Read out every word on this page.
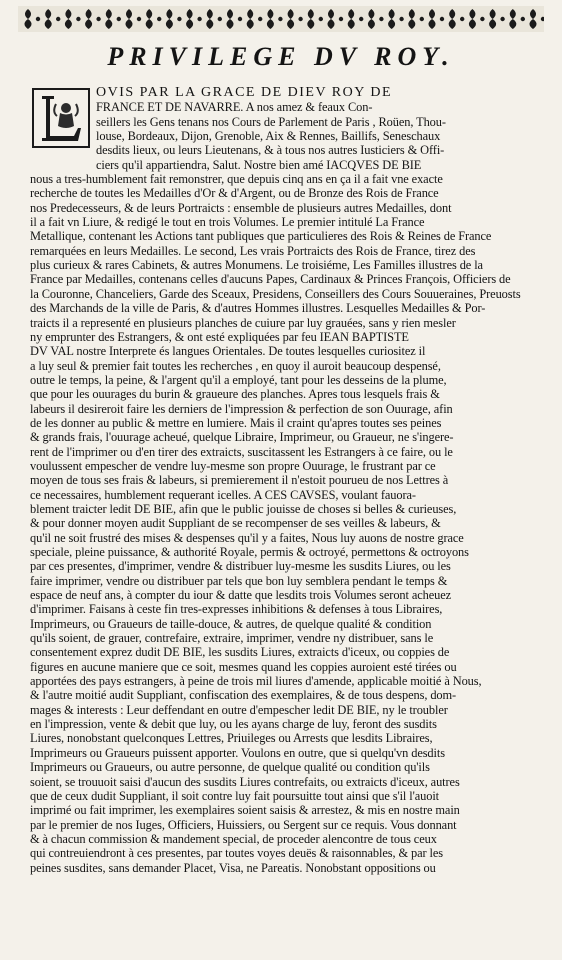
PRIVILEGE DV ROY.
OVIS PAR LA GRACE DE DIEV ROY DE
FRANCE ET DE NAVARRE. A nos amez & feaux Con-
seillers les Gens tenans nos Cours de Parlement de Paris , Roüen, Thou-
louse, Bordeaux, Dijon, Grenoble, Aix & Rennes, Baillifs, Seneschaux
desdits lieux, ou leurs Lieutenans, & à tous nos autres Iusticiers & Offi-
ciers qu'il appartiendra, Salut. Nostre bien amé IACQVES DE BIE
nous a tres-humblement fait remonstrer, que depuis cinq ans en ça il a fait vne exacte
recherche de toutes les Medailles d'Or & d'Argent, ou de Bronze des Rois de France
nos Predecesseurs, & de leurs Portraicts : ensemble de plusieurs autres Medailles, dont
il a fait vn Liure, & redigé le tout en trois Volumes. Le premier intitulé La France
Metallique, contenant les Actions tant publiques que particulieres des Rois & Reines de France
remarquées en leurs Medailles. Le second, Les vrais Portraicts des Rois de France, tirez des
plus curieux & rares Cabinets, & autres Monumens. Le troisiéme, Les Familles illustres de la
France par Medailles, contenans celles d'aucuns Papes, Cardinaux & Princes François, Officiers de
la Couronne, Chanceliers, Garde des Sceaux, Presidens, Conseillers des Cours Souueraines, Preuosts
des Marchands de la ville de Paris, & d'autres Hommes illustres. Lesquelles Medailles & Por-
traicts il a representé en plusieurs planches de cuiure par luy grauées, sans y rien mesler
ny emprunter des Estrangers, & ont esté expliquées par feu IEAN BAPTISTE
DV VAL nostre Interprete és langues Orientales. De toutes lesquelles curiositez il
a luy seul & premier fait toutes les recherches , en quoy il auroit beaucoup despensé,
outre le temps, la peine, & l'argent qu'il a employé, tant pour les desseins de la plume,
que pour les ouurages du burin & graueure des planches. Apres tous lesquels frais &
labeurs il desireroit faire les derniers de l'impression & perfection de son Ouurage, afin
de les donner au public & mettre en lumiere. Mais il craint qu'apres toutes ses peines
& grands frais, l'ouurage acheué, quelque Libraire, Imprimeur, ou Graueur, ne s'ingere-
rent de l'imprimer ou d'en tirer des extraicts, suscitassent les Estrangers à ce faire, ou le
voulussent empescher de vendre luy-mesme son propre Ouurage, le frustrant par ce
moyen de tous ses frais & labeurs, si premierement il n'estoit pourueu de nos Lettres à
ce necessaires, humblement requerant icelles. A CES CAVSES, voulant fauora-
blement traicter ledit DE BIE, afin que le public jouisse de choses si belles & curieuses,
& pour donner moyen audit Suppliant de se recompenser de ses veilles & labeurs, &
qu'il ne soit frustré des mises & despenses qu'il y a faites, Nous luy auons de nostre grace
speciale, pleine puissance, & authorité Royale, permis & octroyé, permettons & octroyons
par ces presentes, d'imprimer, vendre & distribuer luy-mesme les susdits Liures, ou les
faire imprimer, vendre ou distribuer par tels que bon luy semblera pendant le temps &
espace de neuf ans, à compter du iour & datte que lesdits trois Volumes seront acheuez
d'imprimer. Faisans à ceste fin tres-expresses inhibitions & defenses à tous Libraires,
Imprimeurs, ou Graueurs de taille-douce, & autres, de quelque qualité & condition
qu'ils soient, de grauer, contrefaire, extraire, imprimer, vendre ny distribuer, sans le
consentement exprez dudit DE BIE, les susdits Liures, extraicts d'iceux, ou coppies de
figures en aucune maniere que ce soit, mesmes quand les coppies auroient esté tirées ou
apportées des pays estrangers, à peine de trois mil liures d'amende, applicable moitié à Nous,
& l'autre moitié audit Suppliant, confiscation des exemplaires, & de tous despens, dom-
mages & interests : Leur deffendant en outre d'empescher ledit DE BIE, ny le troubler
en l'impression, vente & debit que luy, ou les ayans charge de luy, feront des susdits
Liures, nonobstant quelconques Lettres, Priuileges ou Arrests que lesdits Libraires,
Imprimeurs ou Graueurs puissent apporter. Voulons en outre, que si quelqu'vn desdits
Imprimeurs ou Graueurs, ou autre personne, de quelque qualité ou condition qu'ils
soient, se trouuoit saisi d'aucun des susdits Liures contrefaits, ou extraicts d'iceux, autres
que de ceux dudit Suppliant, il soit contre luy fait poursuitte tout ainsi que s'il l'auoit
imprimé ou fait imprimer, les exemplaires soient saisis & arrestez, & mis en nostre main
par le premier de nos Iuges, Officiers, Huissiers, ou Sergent sur ce requis. Vous donnant
& à chacun commission & mandement special, de proceder alencontre de tous ceux
qui contreuiendront à ces presentes, par toutes voyes deuës & raisonnables, & par les
peines susdites, sans demander Placet, Visa, ne Pareatis. Nonobstant oppositions ou
